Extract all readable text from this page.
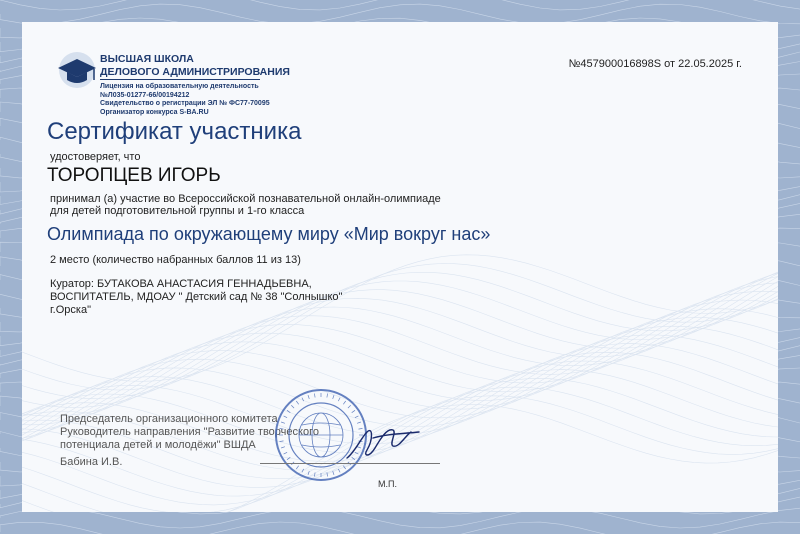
ВЫСШАЯ ШКОЛА
ДЕЛОВОГО АДМИНИСТРИРОВАНИЯ
Лицензия на образовательную деятельность
№Л035-01277-66/00194212
Свидетельство о регистрации ЭЛ № ФС77-70095
Организатор конкурса S-BA.RU
№457900016898S от 22.05.2025 г.
Сертификат участника
удостоверяет, что
ТОРОПЦЕВ ИГОРЬ
принимал (а) участие во Всероссийской познавательной онлайн-олимпиаде
для детей подготовительной группы и 1-го класса
Олимпиада по окружающему миру «Мир вокруг нас»
2 место (количество набранных баллов 11 из 13)
Куратор: БУТАКОВА АНАСТАСИЯ ГЕННАДЬЕВНА,
ВОСПИТАТЕЛЬ, МДОАУ " Детский сад № 38 "Солнышко"
г.Орска"
Председатель организационного комитета
Руководитель направления "Развитие творческого
потенциала детей и молодёжи" ВШДА
Бабина И.В.
М.П.
